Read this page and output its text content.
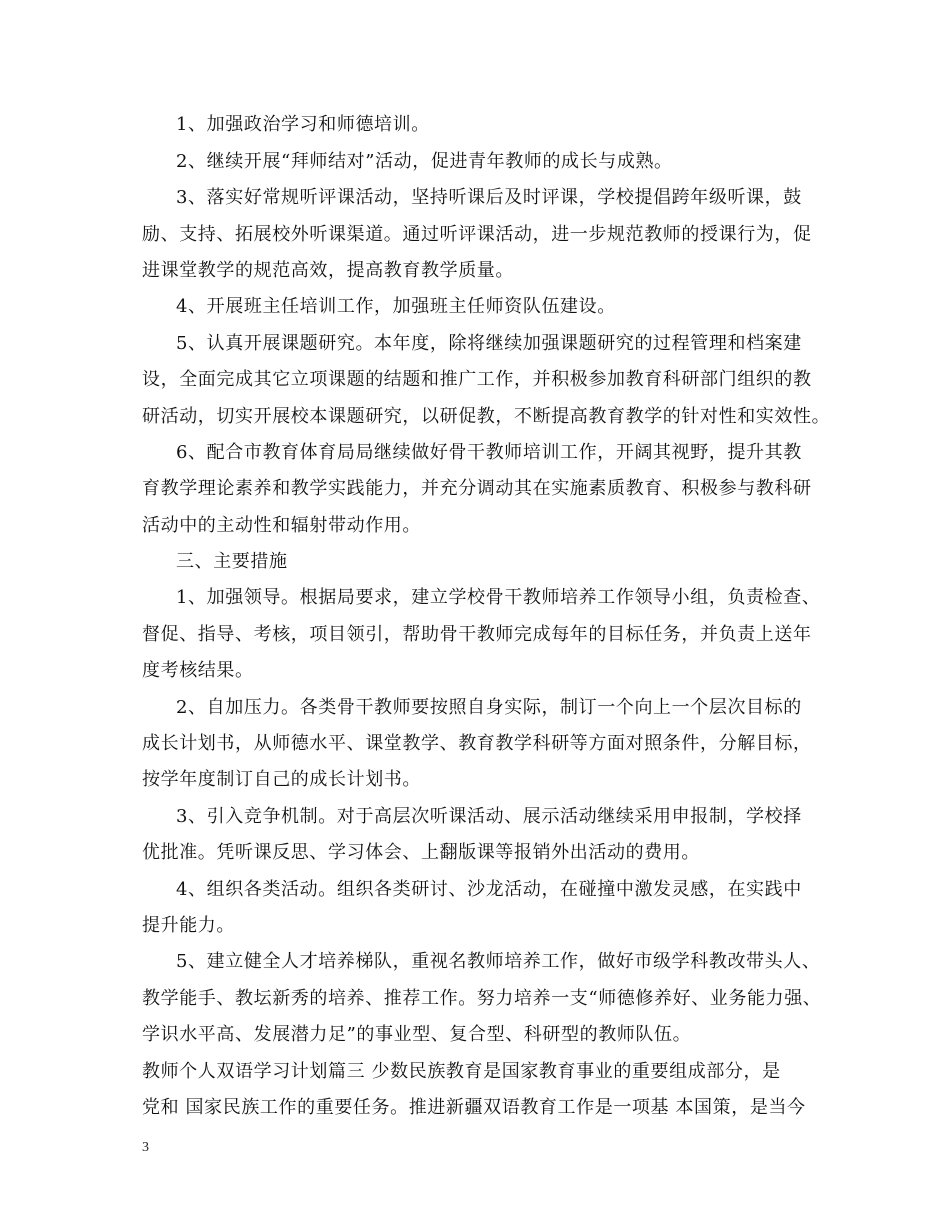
1、加强政治学习和师德培训。
2、继续开展“拜师结对”活动，促进青年教师的成长与成熟。
3、落实好常规听评课活动，坚持听课后及时评课，学校提倡跨年级听课，鼓
励、支持、拓展校外听课渠道。通过听评课活动，进一步规范教师的授课行为，促
进课堂教学的规范高效，提高教育教学质量。
4、开展班主任培训工作，加强班主任师资队伍建设。
5、认真开展课题研究。本年度，除将继续加强课题研究的过程管理和档案建
设，全面完成其它立项课题的结题和推广工作，并积极参加教育科研部门组织的教
研活动，切实开展校本课题研究，以研促教，不断提高教育教学的针对性和实效性。
6、配合市教育体育局局继续做好骨干教师培训工作，开阔其视野，提升其教
育教学理论素养和教学实践能力，并充分调动其在实施素质教育、积极参与教科研
活动中的主动性和辐射带动作用。
三、主要措施
1、加强领导。根据局要求，建立学校骨干教师培养工作领导小组，负责检查、
督促、指导、考核，项目领引，帮助骨干教师完成每年的目标任务，并负责上送年
度考核结果。
2、自加压力。各类骨干教师要按照自身实际，制订一个向上一个层次目标的
成长计划书，从师德水平、课堂教学、教育教学科研等方面对照条件，分解目标，
按学年度制订自己的成长计划书。
3、引入竞争机制。对于高层次听课活动、展示活动继续采用申报制，学校择
优批准。凭听课反思、学习体会、上翻版课等报销外出活动的费用。
4、组织各类活动。组织各类研讨、沙龙活动，在碰撞中激发灵感，在实践中
提升能力。
5、建立健全人才培养梯队，重视名教师培养工作，做好市级学科教改带头人、
教学能手、教坛新秀的培养、推荐工作。努力培养一支“师德修养好、业务能力强、
学识水平高、发展潜力足”的事业型、复合型、科研型的教师队伍。
教师个人双语学习计划篇三 少数民族教育是国家教育事业的重要组成部分，是
党和 国家民族工作的重要任务。推进新疆双语教育工作是一项基 本国策，是当今
3
